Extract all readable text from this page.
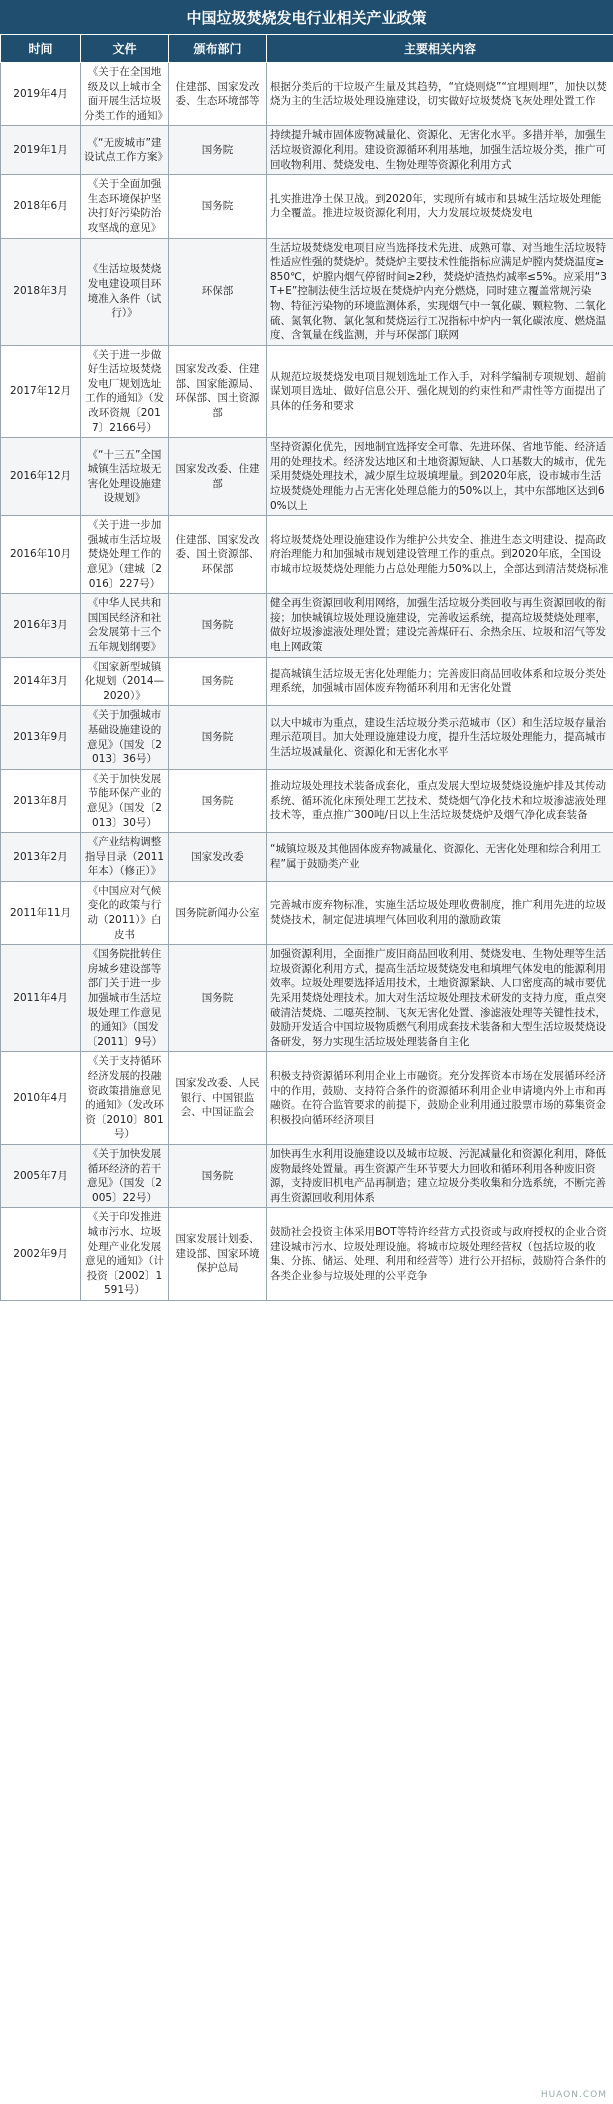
中国垃圾焚烧发电行业相关产业政策
时间	文件	颁布部门	主要相关内容
2019年4月	《关于在全国地级及以上城市全面开展生活垃圾分类工作的通知》	住建部、国家发改委、生态环境部等	根据分类后的干垃圾产生量及其趋势，“宜烧则烧”“宜埋则埋”，加快以焚烧为主的生活垃圾处理设施建设，切实做好垃圾焚烧飞灰处理处置工作
2019年1月	《“无废城市”建设试点工作方案》	国务院	持续提升城市固体废物减量化、资源化、无害化水平。多措并举，加强生活垃圾资源化利用。建设资源循环利用基地，加强生活垃圾分类，推广可回收物利用、焚烧发电、生物处理等资源化利用方式
2018年6月	《关于全面加强生态环境保护坚决打好污染防治攻坚战的意见》	国务院	扎实推进净土保卫战。到2020年，实现所有城市和县城生活垃圾处理能力全覆盖。推进垃圾资源化利用，大力发展垃圾焚烧发电
2018年3月	《生活垃圾焚烧发电建设项目环境准入条件（试行）》	环保部	生活垃圾焚烧发电项目应当选择技术先进、成熟可靠、对当地生活垃圾特性适应性强的焚烧炉。焚烧炉主要技术性能指标应满足炉膛内焚烧温度≥850℃，炉膛内烟气停留时间≥2秒，焚烧炉渣热灼减率≤5%。应采用“3T+E”控制法使生活垃圾在焚烧炉内充分燃烧，同时建立覆盖常规污染物、特征污染物的环境监测体系，实现烟气中一氧化碳、颗粒物、二氧化硫、氮氧化物、氯化氢和焚烧运行工况指标中炉内一氧化碳浓度、燃烧温度、含氧量在线监测，并与环保部门联网
2017年12月	《关于进一步做好生活垃圾焚烧发电厂规划选址工作的通知》（发改环资规〔2017〕2166号）	国家发改委、住建部、国家能源局、环保部、国土资源部	从规范垃圾焚烧发电项目规划选址工作入手，对科学编制专项规划、超前谋划项目选址、做好信息公开、强化规划的约束性和严肃性等方面提出了具体的任务和要求
2016年12月	《“十三五”全国城镇生活垃圾无害化处理设施建设规划》	国家发改委、住建部	坚持资源化优先，因地制宜选择安全可靠、先进环保、省地节能、经济适用的处理技术。经济发达地区和土地资源短缺、人口基数大的城市，优先采用焚烧处理技术，减少原生垃圾填埋量。到2020年底，设市城市生活垃圾焚烧处理能力占无害化处理总能力的50%以上，其中东部地区达到60%以上
2016年10月	《关于进一步加强城市生活垃圾焚烧处理工作的意见》（建城〔2016〕227号）	住建部、国家发改委、国土资源部、环保部	将垃圾焚烧处理设施建设作为维护公共安全、推进生态文明建设、提高政府治理能力和加强城市规划建设管理工作的重点。到2020年底，全国设市城市垃圾焚烧处理能力占总处理能力50%以上，全部达到清洁焚烧标准
2016年3月	《中华人民共和国国民经济和社会发展第十三个五年规划纲要》	国务院	健全再生资源回收利用网络，加强生活垃圾分类回收与再生资源回收的衔接；加快城镇垃圾处理设施建设，完善收运系统，提高垃圾焚烧处理率，做好垃圾渗滤液处理处置；建设完善煤矸石、余热余压、垃圾和沼气等发电上网政策
2014年3月	《国家新型城镇化规划（2014—2020）》	国务院	提高城镇生活垃圾无害化处理能力；完善废旧商品回收体系和垃圾分类处理系统，加强城市固体废弃物循环利用和无害化处置
2013年9月	《关于加强城市基础设施建设的意见》（国发〔2013〕36号）	国务院	以大中城市为重点，建设生活垃圾分类示范城市（区）和生活垃圾存量治理示范项目。加大处理设施建设力度，提升生活垃圾处理能力，提高城市生活垃圾减量化、资源化和无害化水平
2013年8月	《关于加快发展节能环保产业的意见》（国发〔2013〕30号）	国务院	推动垃圾处理技术装备成套化，重点发展大型垃圾焚烧设施炉排及其传动系统、循环流化床预处理工艺技术、焚烧烟气净化技术和垃圾渗滤液处理技术等，重点推广300吨/日以上生活垃圾焚烧炉及烟气净化成套装备
2013年2月	《产业结构调整指导目录（2011年本）（修正）》	国家发改委	“城镇垃圾及其他固体废弃物减量化、资源化、无害化处理和综合利用工程”属于鼓励类产业
2011年11月	《中国应对气候变化的政策与行动（2011）》白皮书	国务院新闻办公室	完善城市废弃物标准，实施生活垃圾处理收费制度，推广利用先进的垃圾焚烧技术，制定促进填埋气体回收利用的激励政策
2011年4月	《国务院批转住房城乡建设部等部门关于进一步加强城市生活垃圾处理工作意见的通知》（国发〔2011〕9号）	国务院	加强资源利用，全面推广废旧商品回收利用、焚烧发电、生物处理等生活垃圾资源化利用方式，提高生活垃圾焚烧发电和填埋气体发电的能源利用效率。垃圾处理要选择适用技术，土地资源紧缺、人口密度高的城市要优先采用焚烧处理技术。加大对生活垃圾处理技术研发的支持力度，重点突破清洁焚烧、二噁英控制、飞灰无害化处置、渗滤液处理等关键性技术，鼓励开发适合中国垃圾物质燃气利用成套技术装备和大型生活垃圾焚烧设备研发，努力实现生活垃圾处理装备自主化
2010年4月	《关于支持循环经济发展的投融资政策措施意见的通知》（发改环资〔2010〕801号）	国家发改委、人民银行、中国银监会、中国证监会	积极支持资源循环利用企业上市融资。充分发挥资本市场在发展循环经济中的作用，鼓励、支持符合条件的资源循环利用企业申请境内外上市和再融资。在符合监管要求的前提下，鼓励企业利用通过股票市场的募集资金积极投向循环经济项目
2005年7月	《关于加快发展循环经济的若干意见》（国发〔2005〕22号）	国务院	加快再生水利用设施建设以及城市垃圾、污泥减量化和资源化利用，降低废物最终处置量。再生资源产生环节要大力回收和循环利用各种废旧资源，支持废旧机电产品再制造；建立垃圾分类收集和分选系统，不断完善再生资源回收利用体系
2002年9月	《关于印发推进城市污水、垃圾处理产业化发展意见的通知》（计投资〔2002〕1591号）	国家发展计划委、建设部、国家环境保护总局	鼓励社会投资主体采用BOT等特许经营方式投资或与政府授权的企业合资建设城市污水、垃圾处理设施。将城市垃圾处理经营权（包括垃圾的收集、分拣、储运、处理、利用和经营等）进行公开招标，鼓励符合条件的各类企业参与垃圾处理的公平竞争
HUAON.COM
